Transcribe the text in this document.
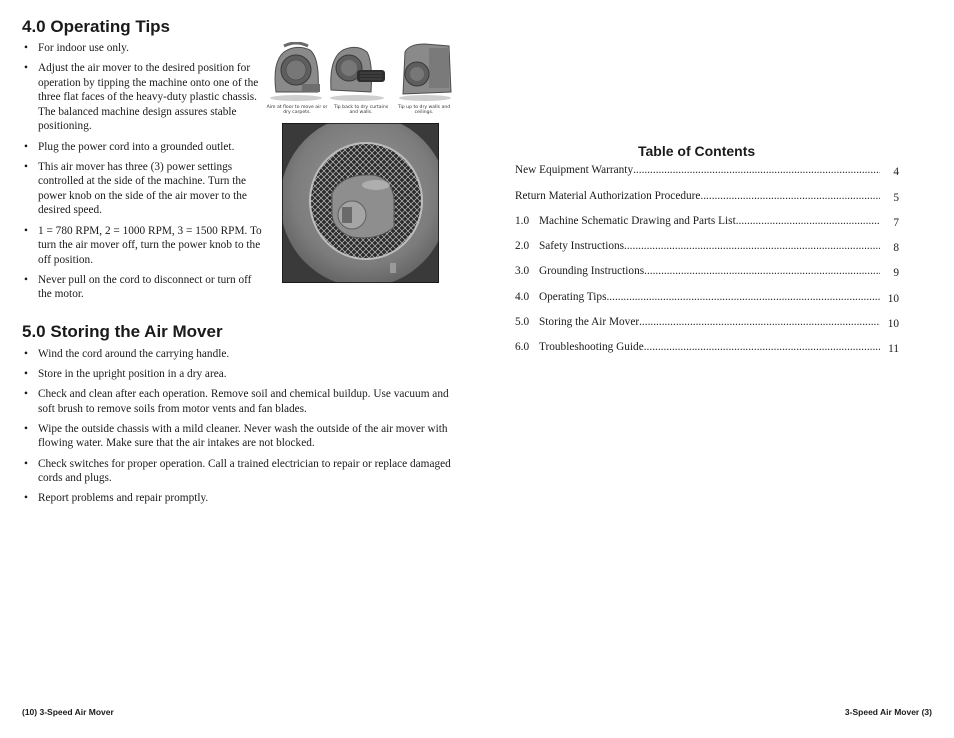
4.0 Operating Tips
• For indoor use only.
• Adjust the air mover to the desired position for operation by tipping the machine onto one of the three flat faces of the heavy-duty plastic chassis. The balanced machine design assures stable positioning.
• Plug the power cord into a grounded outlet.
• This air mover has three (3) power settings controlled at the side of the machine. Turn the power knob on the side of the air mover to the desired speed.
• 1 = 780 RPM, 2 = 1000 RPM, 3 = 1500 RPM. To turn the air mover off, turn the power knob to the off position.
• Never pull on the cord to disconnect or turn off the motor.
Aim at floor to move air or dry carpets.
Tip back to dry curtains and walls.
Tip up to dry walls and ceilings.
5.0 Storing the Air Mover
• Wind the cord around the carrying handle.
• Store in the upright position in a dry area.
• Check and clean after each operation. Remove soil and chemical buildup. Use vacuum and soft brush to remove soils from motor vents and fan blades.
• Wipe the outside chassis with a mild cleaner. Never wash the outside of the air mover with flowing water. Make sure that the air intakes are not blocked.
• Check switches for proper operation. Call a trained electrician to repair or replace damaged cords and plugs.
• Report problems and repair promptly.
(10) 3-Speed Air Mover
Table of Contents
New Equipment Warranty .....	4
Return Material Authorization Procedure .....	5
1.0 Machine Schematic Drawing and Parts List .....	7
2.0 Safety Instructions .....	8
3.0 Grounding Instructions .....	9
4.0 Operating Tips .....	10
5.0 Storing the Air Mover .....	10
6.0 Troubleshooting Guide .....	11
3-Speed Air Mover (3)
